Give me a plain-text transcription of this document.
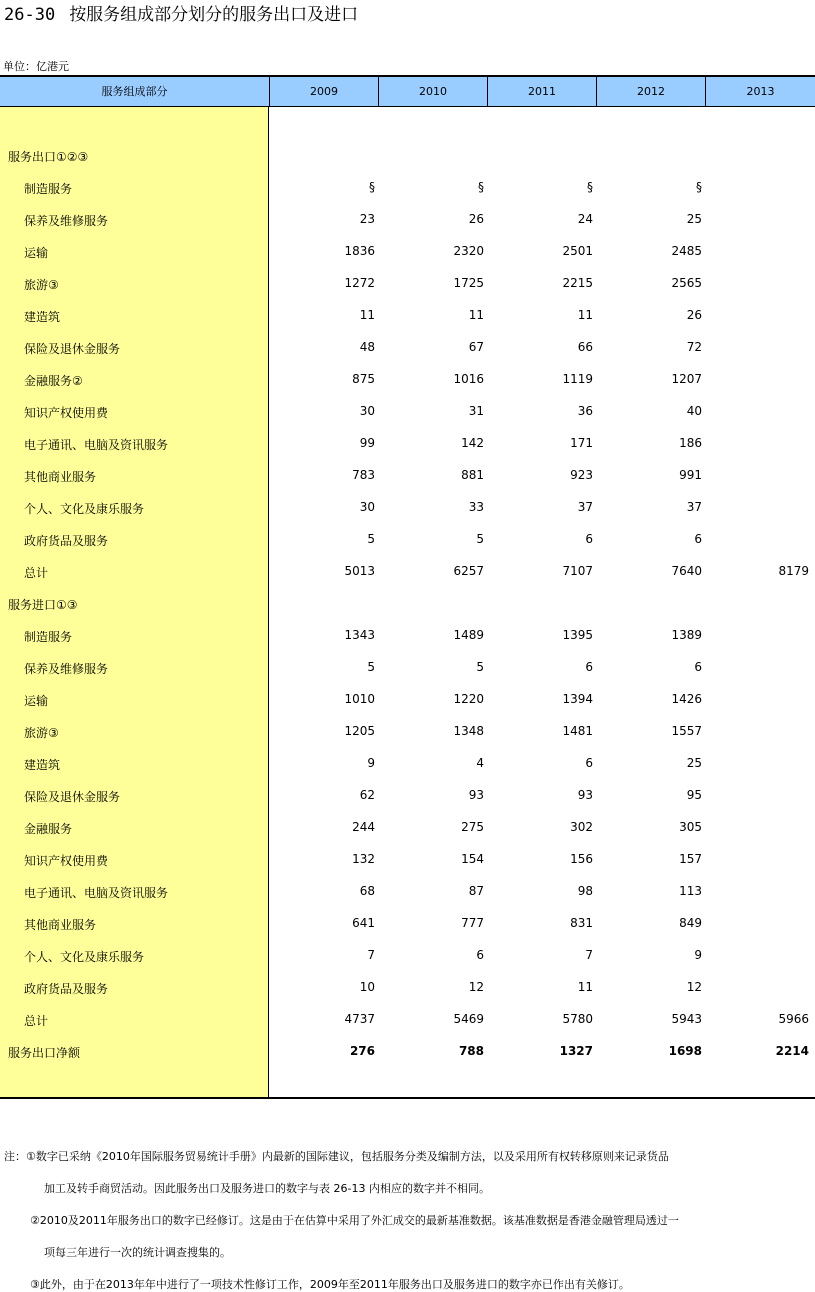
26-30 按服务组成部分划分的服务出口及进口
单位：亿港元
服务组成部分	2009	2010	2011	2012	2013
服务出口①②③
制造服务	§	§	§	§
保养及维修服务	23	26	24	25
运输	1836	2320	2501	2485
旅游③	1272	1725	2215	2565
建造筑	11	11	11	26
保险及退休金服务	48	67	66	72
金融服务②	875	1016	1119	1207
知识产权使用费	30	31	36	40
电子通讯、电脑及资讯服务	99	142	171	186
其他商业服务	783	881	923	991
个人、文化及康乐服务	30	33	37	37
政府货品及服务	5	5	6	6
总计	5013	6257	7107	7640	8179
服务进口①③
制造服务	1343	1489	1395	1389
保养及维修服务	5	5	6	6
运输	1010	1220	1394	1426
旅游③	1205	1348	1481	1557
建造筑	9	4	6	25
保险及退休金服务	62	93	93	95
金融服务	244	275	302	305
知识产权使用费	132	154	156	157
电子通讯、电脑及资讯服务	68	87	98	113
其他商业服务	641	777	831	849
个人、文化及康乐服务	7	6	7	9
政府货品及服务	10	12	11	12
总计	4737	5469	5780	5943	5966
服务出口净额	276	788	1327	1698	2214
注：①数字已采纳《2010年国际服务贸易统计手册》内最新的国际建议，包括服务分类及编制方法，以及采用所有权转移原则来记录货品
加工及转手商贸活动。因此服务出口及服务进口的数字与表 26-13 内相应的数字并不相同。
②2010及2011年服务出口的数字已经修订。这是由于在估算中采用了外汇成交的最新基准数据。该基准数据是香港金融管理局透过一
项每三年进行一次的统计调查搜集的。
③此外，由于在2013年年中进行了一项技术性修订工作，2009年至2011年服务出口及服务进口的数字亦已作出有关修订。
